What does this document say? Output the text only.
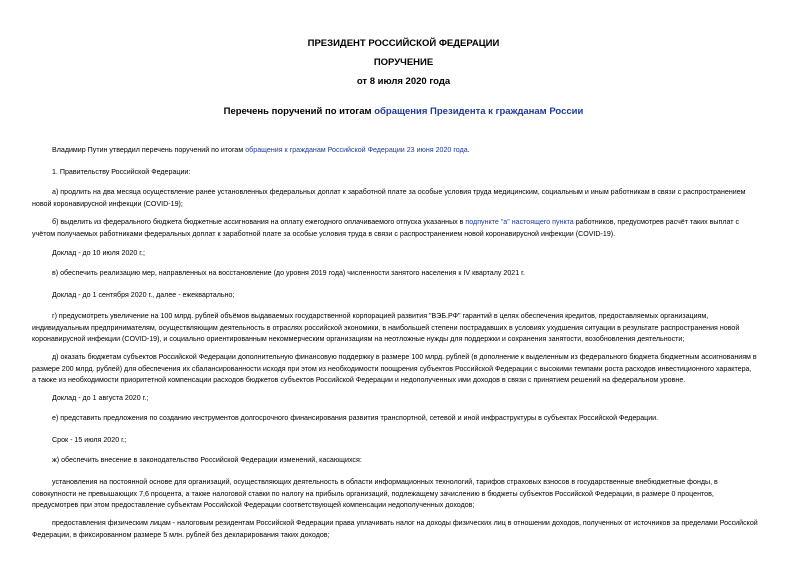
ПРЕЗИДЕНТ РОССИЙСКОЙ ФЕДЕРАЦИИ
ПОРУЧЕНИЕ
от 8 июля 2020 года
Перечень поручений по итогам обращения Президента к гражданам России
Владимир Путин утвердил перечень поручений по итогам обращения к гражданам Российской Федерации 23 июня 2020 года.
1. Правительству Российской Федерации:
а) продлить на два месяца осуществление ранее установленных федеральных доплат к заработной плате за особые условия труда медицинским, социальным и иным работникам в связи с распространением
новой коронавирусной инфекции (COVID-19);
б) выделить из федерального бюджета бюджетные ассигнования на оплату ежегодного оплачиваемого отпуска указанных в подпункте "а" настоящего пункта работников, предусмотрев расчёт таких выплат с
учётом получаемых работниками федеральных доплат к заработной плате за особые условия труда в связи с распространением новой коронавирусной инфекции (COVID-19).
Доклад - до 10 июля 2020 г.;
в) обеспечить реализацию мер, направленных на восстановление (до уровня 2019 года) численности занятого населения к IV кварталу 2021 г.
Доклад - до 1 сентября 2020 г., далее - ежеквартально;
г) предусмотреть увеличение на 100 млрд. рублей объёмов выдаваемых государственной корпорацией развития "ВЭБ.РФ" гарантий в целях обеспечения кредитов, предоставляемых организациям,
индивидуальным предпринимателям, осуществляющим деятельность в отраслях российской экономики, в наибольшей степени пострадавших в условиях ухудшения ситуации в результате распространения новой
коронавирусной инфекции (COVID-19), и социально ориентированным некоммерческим организациям на неотложные нужды для поддержки и сохранения занятости, возобновления деятельности;
д) оказать бюджетам субъектов Российской Федерации дополнительную финансовую поддержку в размере 100 млрд. рублей (в дополнение к выделенным из федерального бюджета бюджетным ассигнованиям в
размере 200 млрд. рублей) для обеспечения их сбалансированности исходя при этом из необходимости поощрения субъектов Российской Федерации с высокими темпами роста расходов инвестиционного характера,
а также из необходимости приоритетной компенсации расходов бюджетов субъектов Российской Федерации и недополученных ими доходов в связи с принятием решений на федеральном уровне.
Доклад - до 1 августа 2020 г.;
е) представить предложения по созданию инструментов долгосрочного финансирования развития транспортной, сетевой и иной инфраструктуры в субъектах Российской Федерации.
Срок - 15 июля 2020 г.;
ж) обеспечить внесение в законодательство Российской Федерации изменений, касающихся:
установления на постоянной основе для организаций, осуществляющих деятельность в области информационных технологий, тарифов страховых взносов в государственные внебюджетные фонды, в
совокупности не превышающих 7,6 процента, а также налоговой ставки по налогу на прибыль организаций, подлежащему зачислению в бюджеты субъектов Российской Федерации, в размере 0 процентов,
предусмотрев при этом предоставление субъектам Российской Федерации соответствующей компенсации недополученных доходов;
предоставления физическим лицам - налоговым резидентам Российской Федерации права уплачивать налог на доходы физических лиц в отношении доходов, полученных от источников за пределами Российской
Федерации, в фиксированном размере 5 млн. рублей без декларирования таких доходов;
